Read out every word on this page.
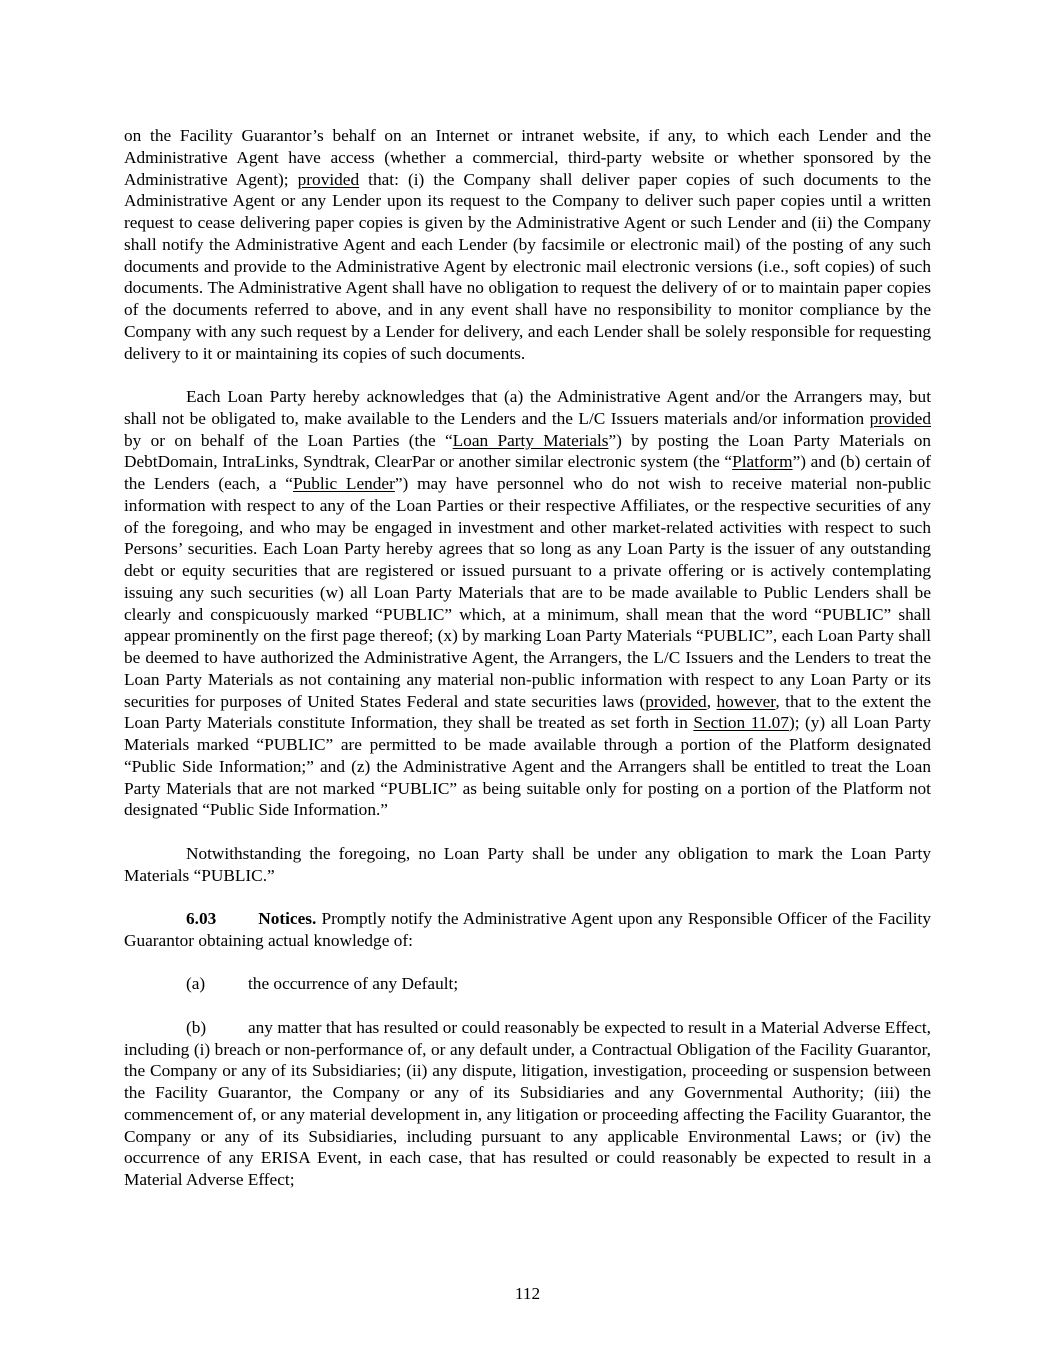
on the Facility Guarantor’s behalf on an Internet or intranet website, if any, to which each Lender and the Administrative Agent have access (whether a commercial, third-party website or whether sponsored by the Administrative Agent); provided that: (i) the Company shall deliver paper copies of such documents to the Administrative Agent or any Lender upon its request to the Company to deliver such paper copies until a written request to cease delivering paper copies is given by the Administrative Agent or such Lender and (ii) the Company shall notify the Administrative Agent and each Lender (by facsimile or electronic mail) of the posting of any such documents and provide to the Administrative Agent by electronic mail electronic versions (i.e., soft copies) of such documents. The Administrative Agent shall have no obligation to request the delivery of or to maintain paper copies of the documents referred to above, and in any event shall have no responsibility to monitor compliance by the Company with any such request by a Lender for delivery, and each Lender shall be solely responsible for requesting delivery to it or maintaining its copies of such documents.

Each Loan Party hereby acknowledges that (a) the Administrative Agent and/or the Arrangers may, but shall not be obligated to, make available to the Lenders and the L/C Issuers materials and/or information provided by or on behalf of the Loan Parties (the “Loan Party Materials”) by posting the Loan Party Materials on DebtDomain, IntraLinks, Syndtrak, ClearPar or another similar electronic system (the “Platform”) and (b) certain of the Lenders (each, a “Public Lender”) may have personnel who do not wish to receive material non-public information with respect to any of the Loan Parties or their respective Affiliates, or the respective securities of any of the foregoing, and who may be engaged in investment and other market-related activities with respect to such Persons’ securities. Each Loan Party hereby agrees that so long as any Loan Party is the issuer of any outstanding debt or equity securities that are registered or issued pursuant to a private offering or is actively contemplating issuing any such securities (w) all Loan Party Materials that are to be made available to Public Lenders shall be clearly and conspicuously marked “PUBLIC” which, at a minimum, shall mean that the word “PUBLIC” shall appear prominently on the first page thereof; (x) by marking Loan Party Materials “PUBLIC”, each Loan Party shall be deemed to have authorized the Administrative Agent, the Arrangers, the L/C Issuers and the Lenders to treat the Loan Party Materials as not containing any material non-public information with respect to any Loan Party or its securities for purposes of United States Federal and state securities laws (provided, however, that to the extent the Loan Party Materials constitute Information, they shall be treated as set forth in Section 11.07); (y) all Loan Party Materials marked “PUBLIC” are permitted to be made available through a portion of the Platform designated “Public Side Information;” and (z) the Administrative Agent and the Arrangers shall be entitled to treat the Loan Party Materials that are not marked “PUBLIC” as being suitable only for posting on a portion of the Platform not designated “Public Side Information.”

Notwithstanding the foregoing, no Loan Party shall be under any obligation to mark the Loan Party Materials “PUBLIC.”

6.03 Notices. Promptly notify the Administrative Agent upon any Responsible Officer of the Facility Guarantor obtaining actual knowledge of:

(a) the occurrence of any Default;

(b) any matter that has resulted or could reasonably be expected to result in a Material Adverse Effect, including (i) breach or non-performance of, or any default under, a Contractual Obligation of the Facility Guarantor, the Company or any of its Subsidiaries; (ii) any dispute, litigation, investigation, proceeding or suspension between the Facility Guarantor, the Company or any of its Subsidiaries and any Governmental Authority; (iii) the commencement of, or any material development in, any litigation or proceeding affecting the Facility Guarantor, the Company or any of its Subsidiaries, including pursuant to any applicable Environmental Laws; or (iv) the occurrence of any ERISA Event, in each case, that has resulted or could reasonably be expected to result in a Material Adverse Effect;

112
